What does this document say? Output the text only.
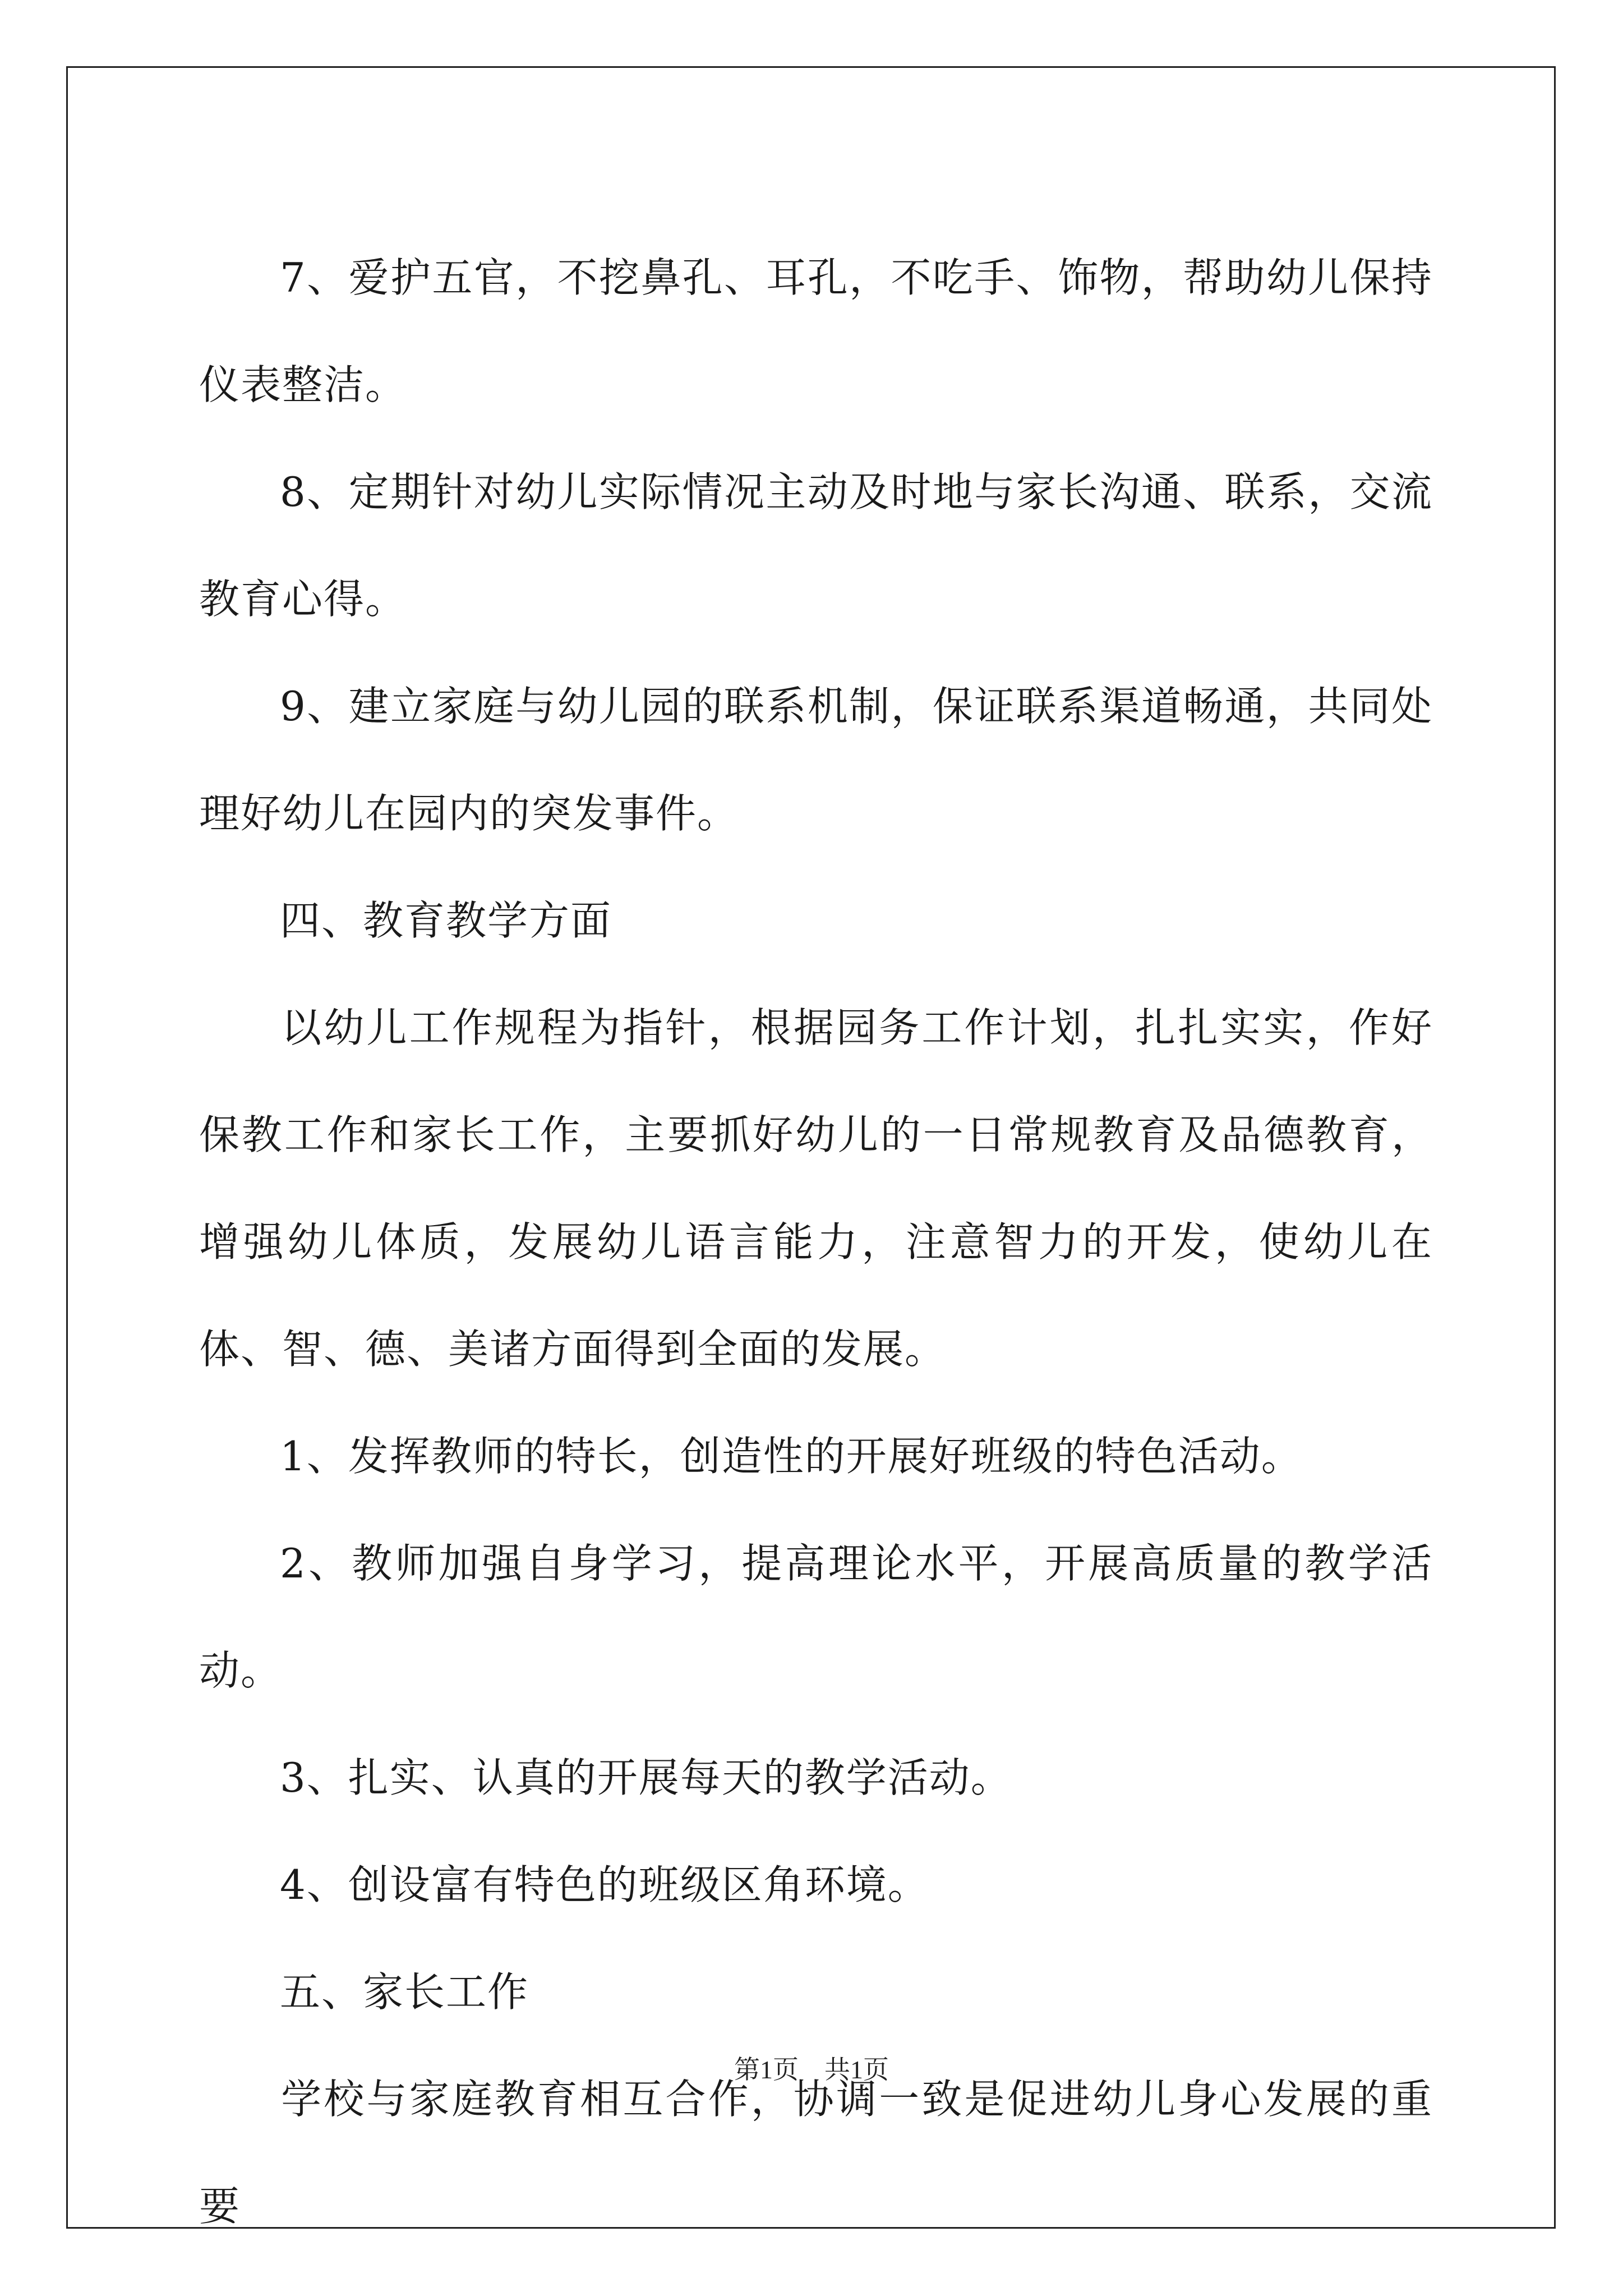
7、爱护五官，不挖鼻孔、耳孔，不吃手、饰物，帮助幼儿保持仪表整洁。

8、定期针对幼儿实际情况主动及时地与家长沟通、联系，交流教育心得。

9、建立家庭与幼儿园的联系机制，保证联系渠道畅通，共同处理好幼儿在园内的突发事件。

四、教育教学方面

以幼儿工作规程为指针，根据园务工作计划，扎扎实实，作好保教工作和家长工作，主要抓好幼儿的一日常规教育及品德教育，增强幼儿体质，发展幼儿语言能力，注意智力的开发，使幼儿在体、智、德、美诸方面得到全面的发展。

1、发挥教师的特长，创造性的开展好班级的特色活动。

2、教师加强自身学习，提高理论水平，开展高质量的教学活动。

3、扎实、认真的开展每天的教学活动。

4、创设富有特色的班级区角环境。

五、家长工作

学校与家庭教育相互合作，协调一致是促进幼儿身心发展的重要

第1页 共1页
